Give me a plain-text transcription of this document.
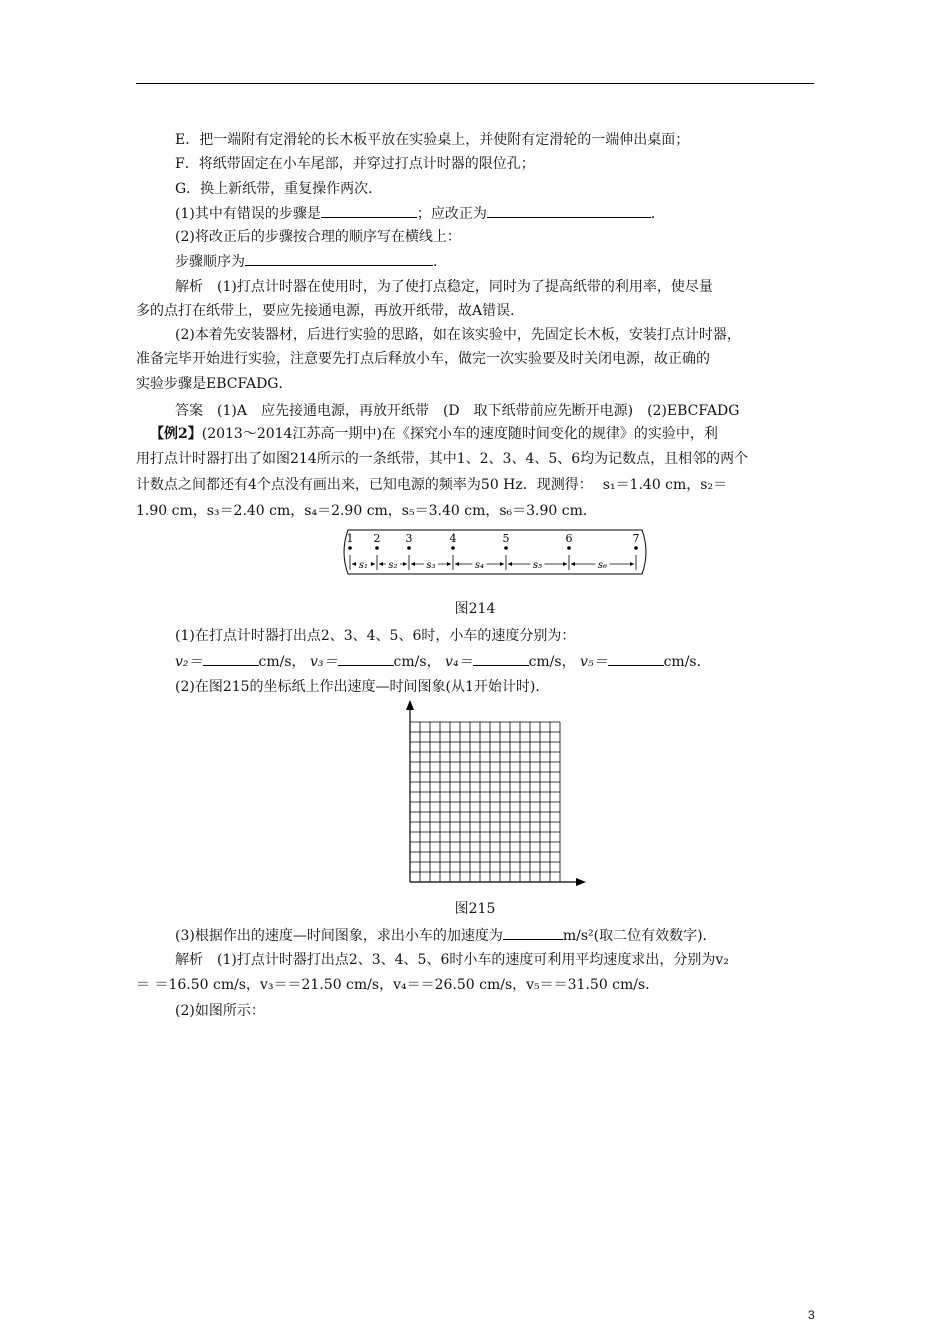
E．把一端附有定滑轮的长木板平放在实验桌上，并使附有定滑轮的一端伸出桌面；
F．将纸带固定在小车尾部，并穿过打点计时器的限位孔；
G．换上新纸带，重复操作两次．
(1)其中有错误的步骤是	；应改正为	．
(2)将改正后的步骤按合理的顺序写在横线上：
步骤顺序为	．
解析　(1)打点计时器在使用时，为了使打点稳定，同时为了提高纸带的利用率，使尽量
多的点打在纸带上，要应先接通电源，再放开纸带，故A错误．
(2)本着先安装器材，后进行实验的思路，如在该实验中，先固定长木板，安装打点计时器，
准备完毕开始进行实验，注意要先打点后释放小车，做完一次实验要及时关闭电源，故正确的
实验步骤是EBCFADG．
答案　(1)A　应先接通电源，再放开纸带　(D　取下纸带前应先断开电源)　(2)EBCFADG
【例2】(2013～2014江苏高一期中)在《探究小车的速度随时间变化的规律》的实验中，利
用打点计时器打出了如图214所示的一条纸带，其中1、2、3、4、5、6均为记数点，且相邻的两个
计数点之间都还有4个点没有画出来，已知电源的频率为50 Hz．现测得： s₁＝1.40 cm，s₂＝
1.90 cm，s₃＝2.40 cm，s₄＝2.90 cm，s₅＝3.40 cm，s₆＝3.90 cm．
1 2 3	4	5	6	7
s₁ s₂	s₃	s₄	s₅	s₆
图214
(1)在打点计时器打出点2、3、4、5、6时，小车的速度分别为：
v₂＝	cm/s， v₃＝	cm/s， v₄＝	cm/s， v₅＝	cm/s．
(2)在图215的坐标纸上作出速度—时间图象(从1开始计时)．
图215
(3)根据作出的速度—时间图象，求出小车的加速度为	m/s²(取二位有效数字)．
解析　(1)打点计时器打出点2、3、4、5、6时小车的速度可利用平均速度求出，分别为v₂
＝ ＝16.50 cm/s，v₃＝＝21.50 cm/s，v₄＝＝26.50 cm/s，v₅＝＝31.50 cm/s．
(2)如图所示：
3
